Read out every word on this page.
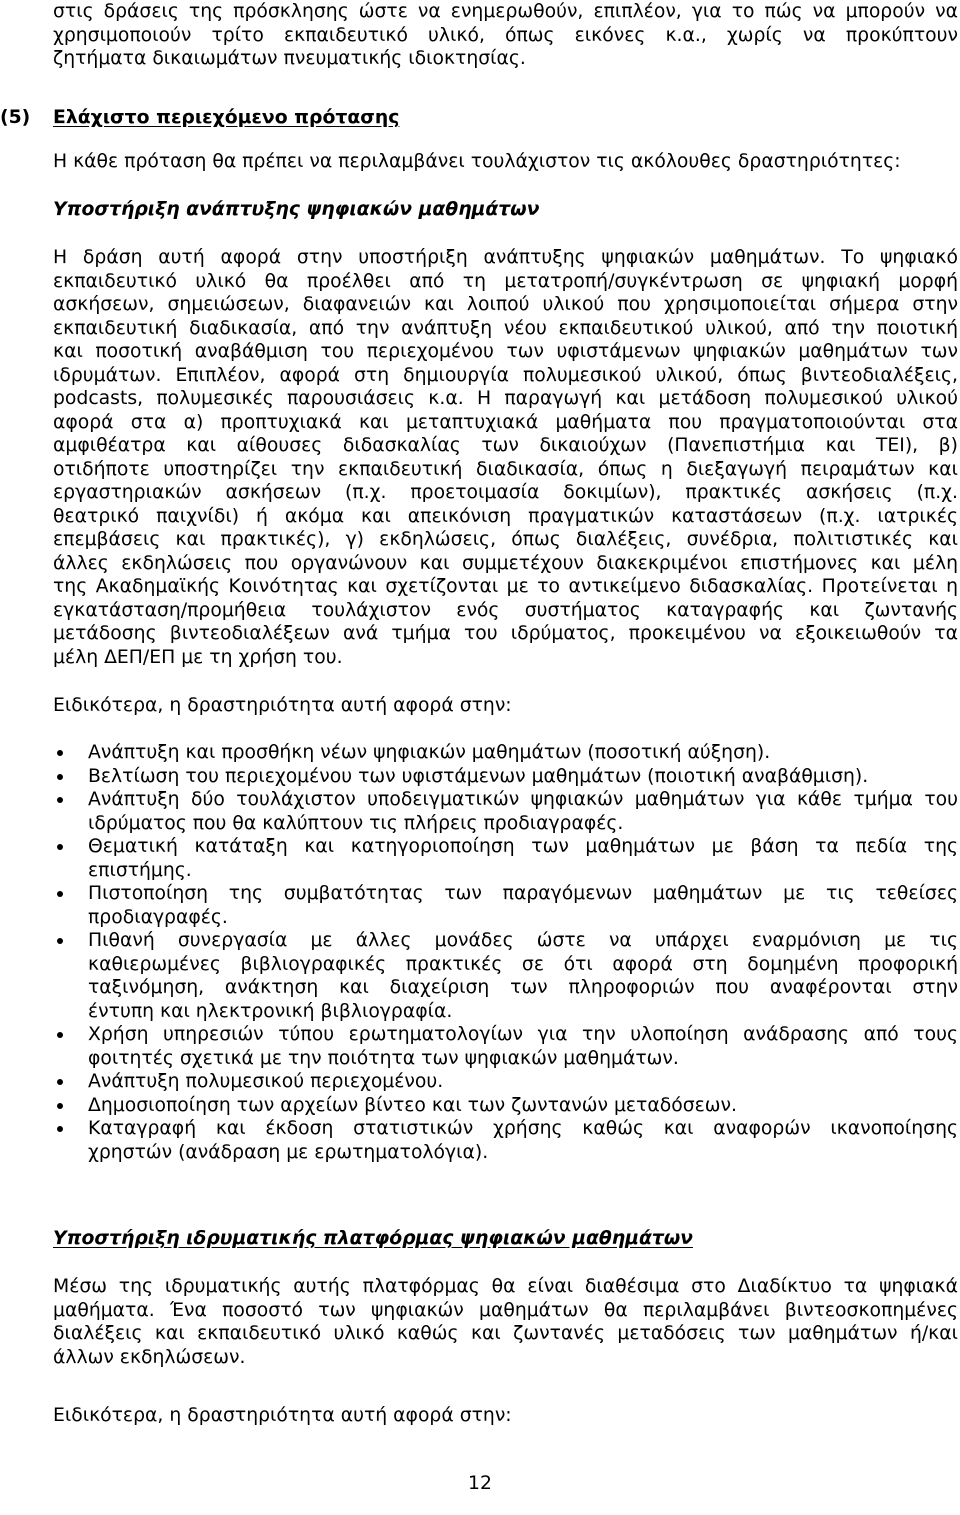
στις δράσεις της πρόσκλησης ώστε να ενημερωθούν, επιπλέον, για το πώς να μπορούν να
χρησιμοποιούν τρίτο εκπαιδευτικό υλικό, όπως εικόνες κ.α., χωρίς να προκύπτουν
ζητήματα δικαιωμάτων πνευματικής ιδιοκτησίας.
(5) Ελάχιστο περιεχόμενο πρότασης
Η κάθε πρόταση θα πρέπει να περιλαμβάνει τουλάχιστον τις ακόλουθες δραστηριότητες:
Υποστήριξη ανάπτυξης ψηφιακών μαθημάτων
Η δράση αυτή αφορά στην υποστήριξη ανάπτυξης ψηφιακών μαθημάτων. Το ψηφιακό
εκπαιδευτικό υλικό θα προέλθει από τη μετατροπή/συγκέντρωση σε ψηφιακή μορφή
ασκήσεων, σημειώσεων, διαφανειών και λοιπού υλικού που χρησιμοποιείται σήμερα στην
εκπαιδευτική διαδικασία, από την ανάπτυξη νέου εκπαιδευτικού υλικού, από την ποιοτική
και ποσοτική αναβάθμιση του περιεχομένου των υφιστάμενων ψηφιακών μαθημάτων των
ιδρυμάτων. Επιπλέον, αφορά στη δημιουργία πολυμεσικού υλικού, όπως βιντεοδιαλέξεις,
podcasts, πολυμεσικές παρουσιάσεις κ.α. Η παραγωγή και μετάδοση πολυμεσικού υλικού
αφορά στα α) προπτυχιακά και μεταπτυχιακά μαθήματα που πραγματοποιούνται στα
αμφιθέατρα και αίθουσες διδασκαλίας των δικαιούχων (Πανεπιστήμια και ΤΕΙ), β)
οτιδήποτε υποστηρίζει την εκπαιδευτική διαδικασία, όπως η διεξαγωγή πειραμάτων και
εργαστηριακών ασκήσεων (π.χ. προετοιμασία δοκιμίων), πρακτικές ασκήσεις (π.χ.
θεατρικό παιχνίδι) ή ακόμα και απεικόνιση πραγματικών καταστάσεων (π.χ. ιατρικές
επεμβάσεις και πρακτικές), γ) εκδηλώσεις, όπως διαλέξεις, συνέδρια, πολιτιστικές και
άλλες εκδηλώσεις που οργανώνουν και συμμετέχουν διακεκριμένοι επιστήμονες και μέλη
της Ακαδημαϊκής Κοινότητας και σχετίζονται με το αντικείμενο διδασκαλίας. Προτείνεται η
εγκατάσταση/προμήθεια τουλάχιστον ενός συστήματος καταγραφής και ζωντανής
μετάδοσης βιντεοδιαλέξεων ανά τμήμα του ιδρύματος, προκειμένου να εξοικειωθούν τα
μέλη ΔΕΠ/ΕΠ με τη χρήση του.
Ειδικότερα, η δραστηριότητα αυτή αφορά στην:
Ανάπτυξη και προσθήκη νέων ψηφιακών μαθημάτων (ποσοτική αύξηση).
Βελτίωση του περιεχομένου των υφιστάμενων μαθημάτων (ποιοτική αναβάθμιση).
Ανάπτυξη δύο τουλάχιστον υποδειγματικών ψηφιακών μαθημάτων για κάθε τμήμα του
ιδρύματος που θα καλύπτουν τις πλήρεις προδιαγραφές.
Θεματική κατάταξη και κατηγοριοποίηση των μαθημάτων με βάση τα πεδία της
επιστήμης.
Πιστοποίηση της συμβατότητας των παραγόμενων μαθημάτων με τις τεθείσες
προδιαγραφές.
Πιθανή συνεργασία με άλλες μονάδες ώστε να υπάρχει εναρμόνιση με τις
καθιερωμένες βιβλιογραφικές πρακτικές σε ότι αφορά στη δομημένη προφορική
ταξινόμηση, ανάκτηση και διαχείριση των πληροφοριών που αναφέρονται στην
έντυπη και ηλεκτρονική βιβλιογραφία.
Χρήση υπηρεσιών τύπου ερωτηματολογίων για την υλοποίηση ανάδρασης από τους
φοιτητές σχετικά με την ποιότητα των ψηφιακών μαθημάτων.
Ανάπτυξη πολυμεσικού περιεχομένου.
Δημοσιοποίηση των αρχείων βίντεο και των ζωντανών μεταδόσεων.
Καταγραφή και έκδοση στατιστικών χρήσης καθώς και αναφορών ικανοποίησης
χρηστών (ανάδραση με ερωτηματολόγια).
Υποστήριξη ιδρυματικής πλατφόρμας ψηφιακών μαθημάτων
Μέσω της ιδρυματικής αυτής πλατφόρμας θα είναι διαθέσιμα στο Διαδίκτυο τα ψηφιακά
μαθήματα. Ένα ποσοστό των ψηφιακών μαθημάτων θα περιλαμβάνει βιντεοσκοπημένες
διαλέξεις και εκπαιδευτικό υλικό καθώς και ζωντανές μεταδόσεις των μαθημάτων ή/και
άλλων εκδηλώσεων.
Ειδικότερα, η δραστηριότητα αυτή αφορά στην:
12
